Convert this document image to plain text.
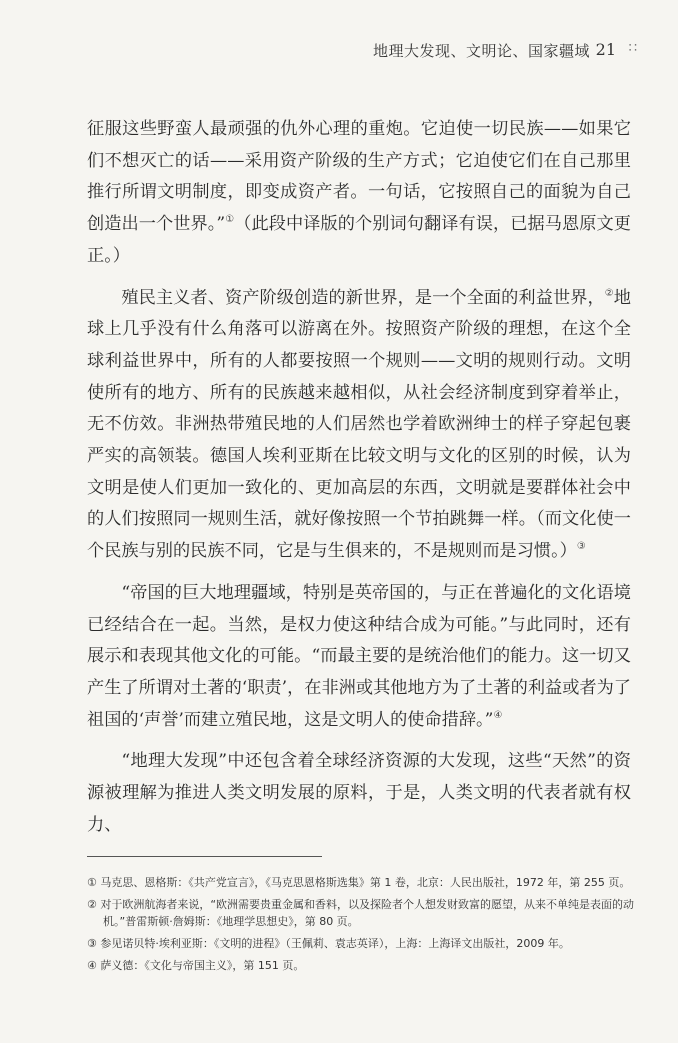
地理大发现、文明论、国家疆域 21 ∷

征服这些野蛮人最顽强的仇外心理的重炮。它迫使一切民族——如果它们不想灭亡的话——采用资产阶级的生产方式；它迫使它们在自己那里推行所谓文明制度，即变成资产者。一句话，它按照自己的面貌为自己创造出一个世界。”①（此段中译版的个别词句翻译有误，已据马恩原文更正。）

殖民主义者、资产阶级创造的新世界，是一个全面的利益世界，②地球上几乎没有什么角落可以游离在外。按照资产阶级的理想，在这个全球利益世界中，所有的人都要按照一个规则——文明的规则行动。文明使所有的地方、所有的民族越来越相似，从社会经济制度到穿着举止，无不仿效。非洲热带殖民地的人们居然也学着欧洲绅士的样子穿起包裹严实的高领装。德国人埃利亚斯在比较文明与文化的区别的时候，认为文明是使人们更加一致化的、更加高层的东西，文明就是要群体社会中的人们按照同一规则生活，就好像按照一个节拍跳舞一样。（而文化使一个民族与别的民族不同，它是与生俱来的，不是规则而是习惯。）③

“帝国的巨大地理疆域，特别是英帝国的，与正在普遍化的文化语境已经结合在一起。当然，是权力使这种结合成为可能。”与此同时，还有展示和表现其他文化的可能。“而最主要的是统治他们的能力。这一切又产生了所谓对土著的‘职责’，在非洲或其他地方为了土著的利益或者为了祖国的‘声誉’而建立殖民地，这是文明人的使命措辞。”④

“地理大发现”中还包含着全球经济资源的大发现，这些“天然”的资源被理解为推进人类文明发展的原料，于是，人类文明的代表者就有权力、

① 马克思、恩格斯：《共产党宣言》，《马克思恩格斯选集》第 1 卷，北京：人民出版社，1972 年，第 255 页。

② 对于欧洲航海者来说，“欧洲需要贵重金属和香料，以及探险者个人想发财致富的愿望，从来不单纯是表面的动机。”普雷斯顿·詹姆斯：《地理学思想史》，第 80 页。

③ 参见诺贝特·埃利亚斯：《文明的进程》（王佩莉、袁志英译），上海：上海译文出版社，2009 年。

④ 萨义德：《文化与帝国主义》，第 151 页。
